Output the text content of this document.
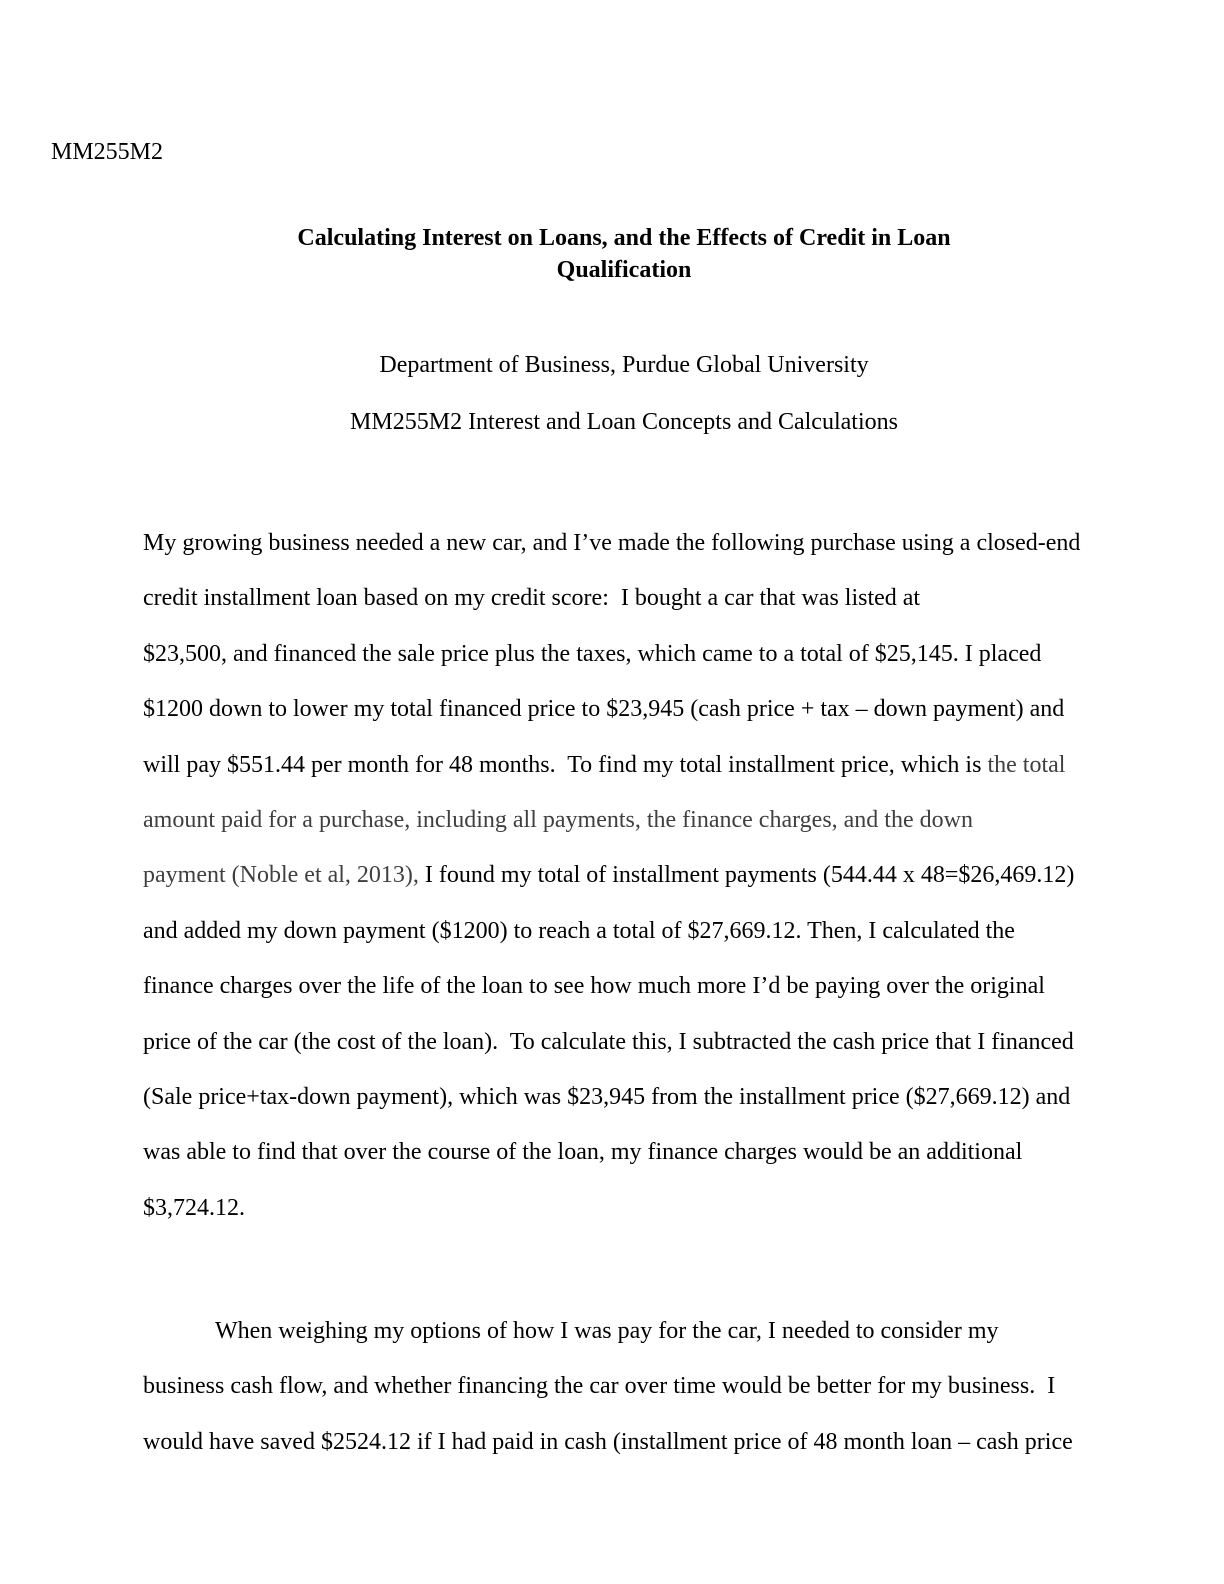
MM255M2
Calculating Interest on Loans, and the Effects of Credit in Loan
Qualification
Department of Business, Purdue Global University
MM255M2 Interest and Loan Concepts and Calculations
My growing business needed a new car, and I’ve made the following purchase using a closed-end
credit installment loan based on my credit score:  I bought a car that was listed at
$23,500, and financed the sale price plus the taxes, which came to a total of $25,145. I placed
$1200 down to lower my total financed price to $23,945 (cash price + tax – down payment) and
will pay $551.44 per month for 48 months.  To find my total installment price, which is the total
amount paid for a purchase, including all payments, the finance charges, and the down
payment (Noble et al, 2013), I found my total of installment payments (544.44 x 48=$26,469.12)
and added my down payment ($1200) to reach a total of $27,669.12. Then, I calculated the
finance charges over the life of the loan to see how much more I’d be paying over the original
price of the car (the cost of the loan).  To calculate this, I subtracted the cash price that I financed
(Sale price+tax-down payment), which was $23,945 from the installment price ($27,669.12) and
was able to find that over the course of the loan, my finance charges would be an additional
$3,724.12.
When weighing my options of how I was pay for the car, I needed to consider my
business cash flow, and whether financing the car over time would be better for my business.  I
would have saved $2524.12 if I had paid in cash (installment price of 48 month loan – cash price
